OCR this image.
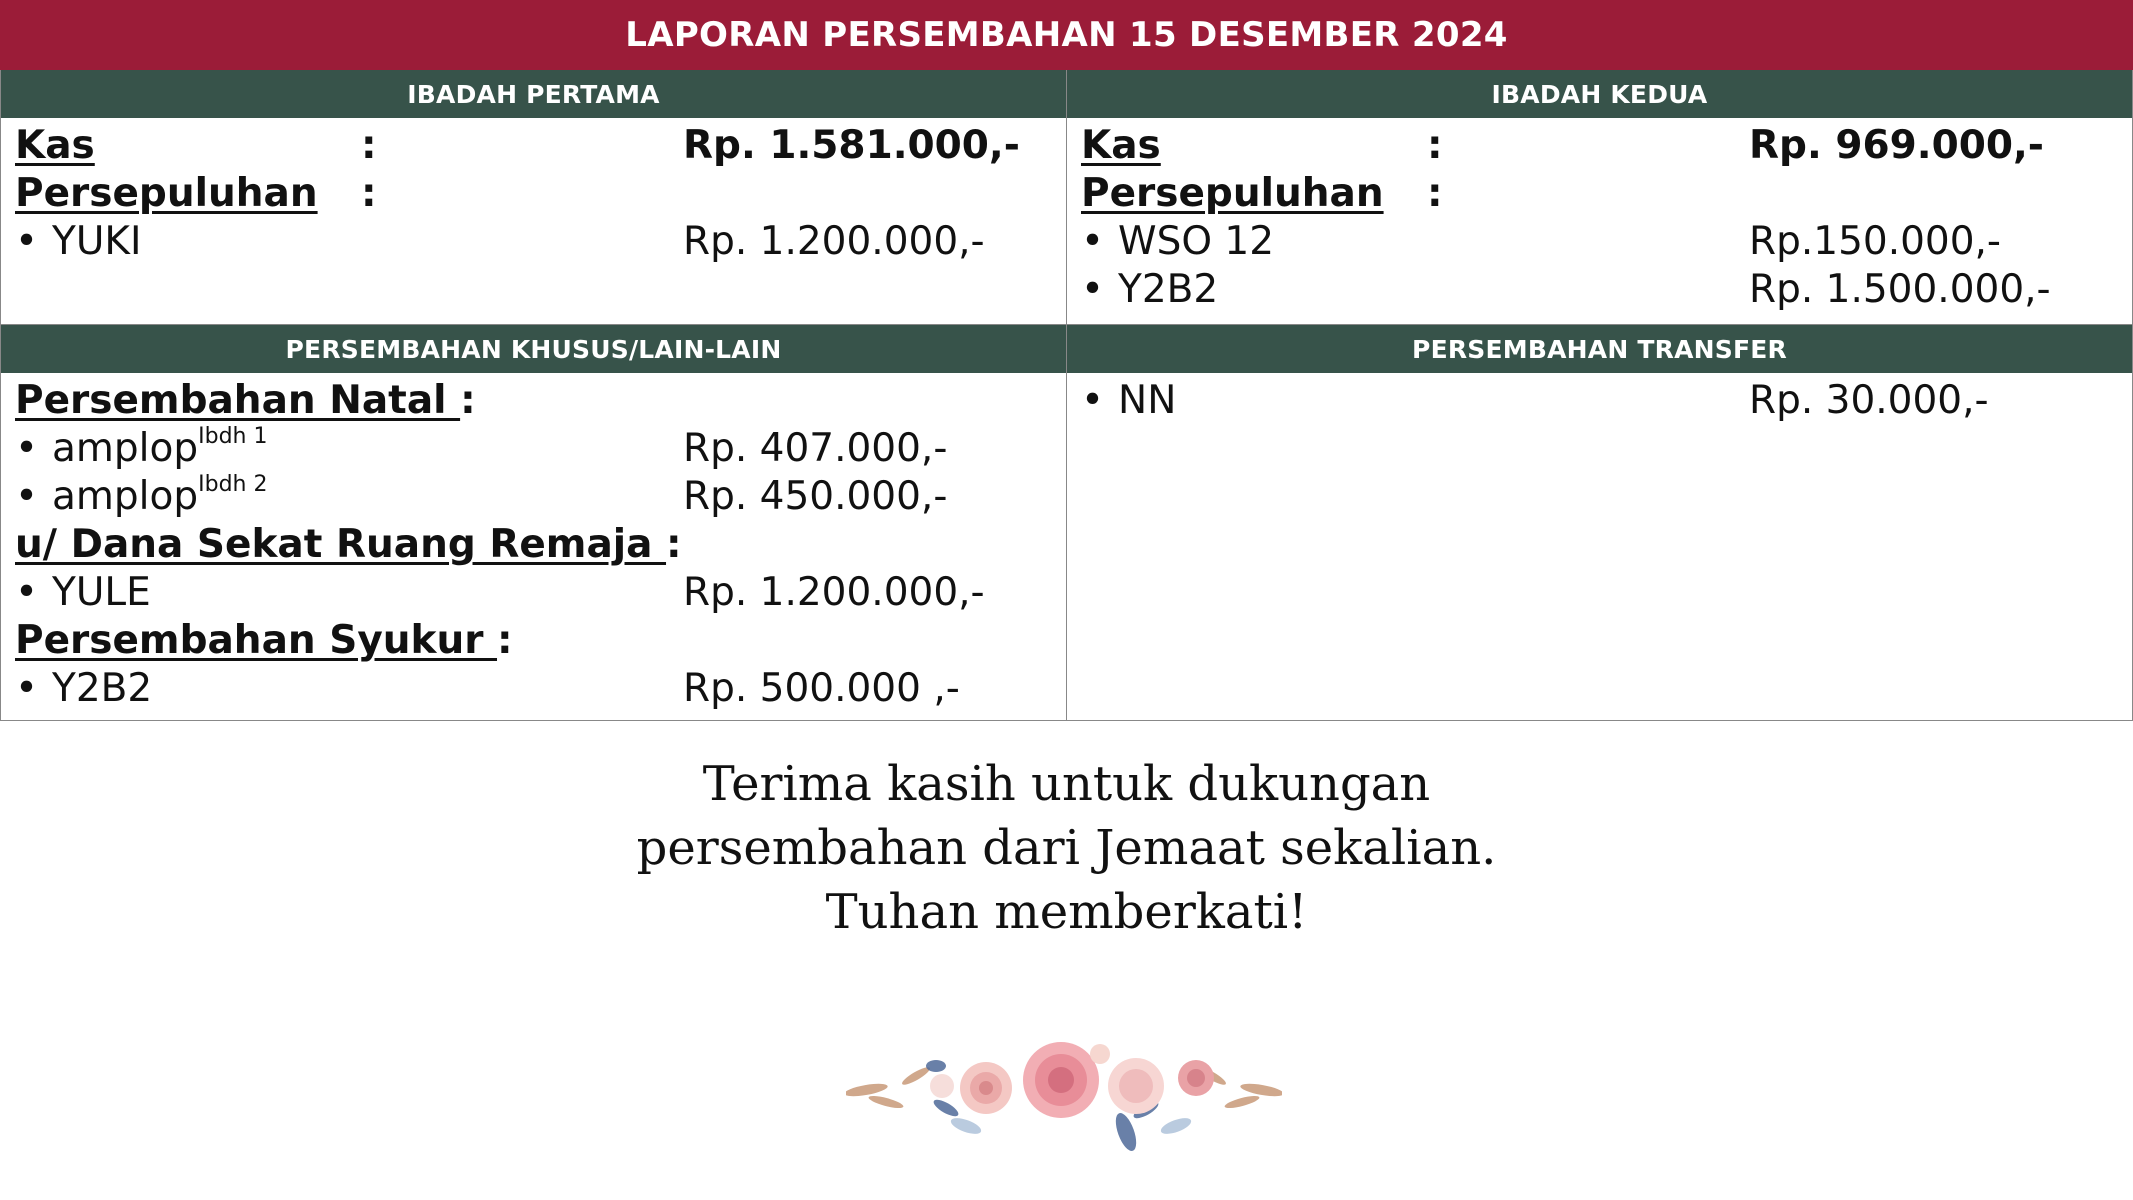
LAPORAN PERSEMBAHAN 15 DESEMBER 2024
IBADAH PERTAMA	IBADAH KEDUA
Kas	:	Rp. 1.581.000,-
Persepuluhan :
• YUKI	Rp. 1.200.000,-
Kas	:	Rp. 969.000,-
Persepuluhan :
• WSO 12	Rp.150.000,-
• Y2B2	Rp. 1.500.000,-
PERSEMBAHAN KHUSUS/LAIN-LAIN	PERSEMBAHAN TRANSFER
Persembahan Natal :
• amplop$^{Ibdh 1}$	Rp. 407.000,-
• amplop$^{Ibdh 2}$	Rp. 450.000,-
u/ Dana Sekat Ruang Remaja :
• YULE	Rp. 1.200.000,-
Persembahan Syukur :
• Y2B2	Rp. 500.000 ,-
• NN	Rp. 30.000,-
Terima kasih untuk dukungan
persembahan dari Jemaat sekalian.
Tuhan memberkati!
